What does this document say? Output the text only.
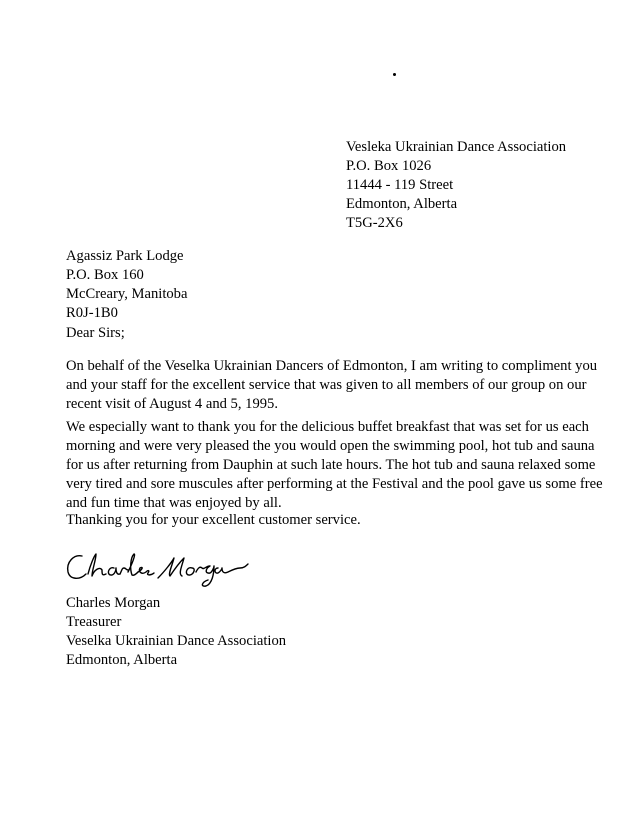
Vesleka Ukrainian Dance Association
P.O. Box 1026
11444 - 119 Street
Edmonton, Alberta
T5G-2X6
Agassiz Park Lodge
P.O. Box 160
McCreary, Manitoba
R0J-1B0
Dear Sirs;
On behalf of the Veselka Ukrainian Dancers of Edmonton, I am writing to compliment you
and your staff for the excellent service that was given to all members of our group on our
recent visit of August 4 and 5, 1995.
We especially want to thank you for the delicious buffet breakfast that was set for us each
morning and were very pleased the you would open the swimming pool, hot tub and sauna
for us after returning from Dauphin at such late hours. The hot tub and sauna relaxed some
very tired and sore muscules after performing at the Festival and the pool gave us some free
and fun time that was enjoyed by all.
Thanking you for your excellent customer service.
Charles Morgan
Treasurer
Veselka Ukrainian Dance Association
Edmonton, Alberta
